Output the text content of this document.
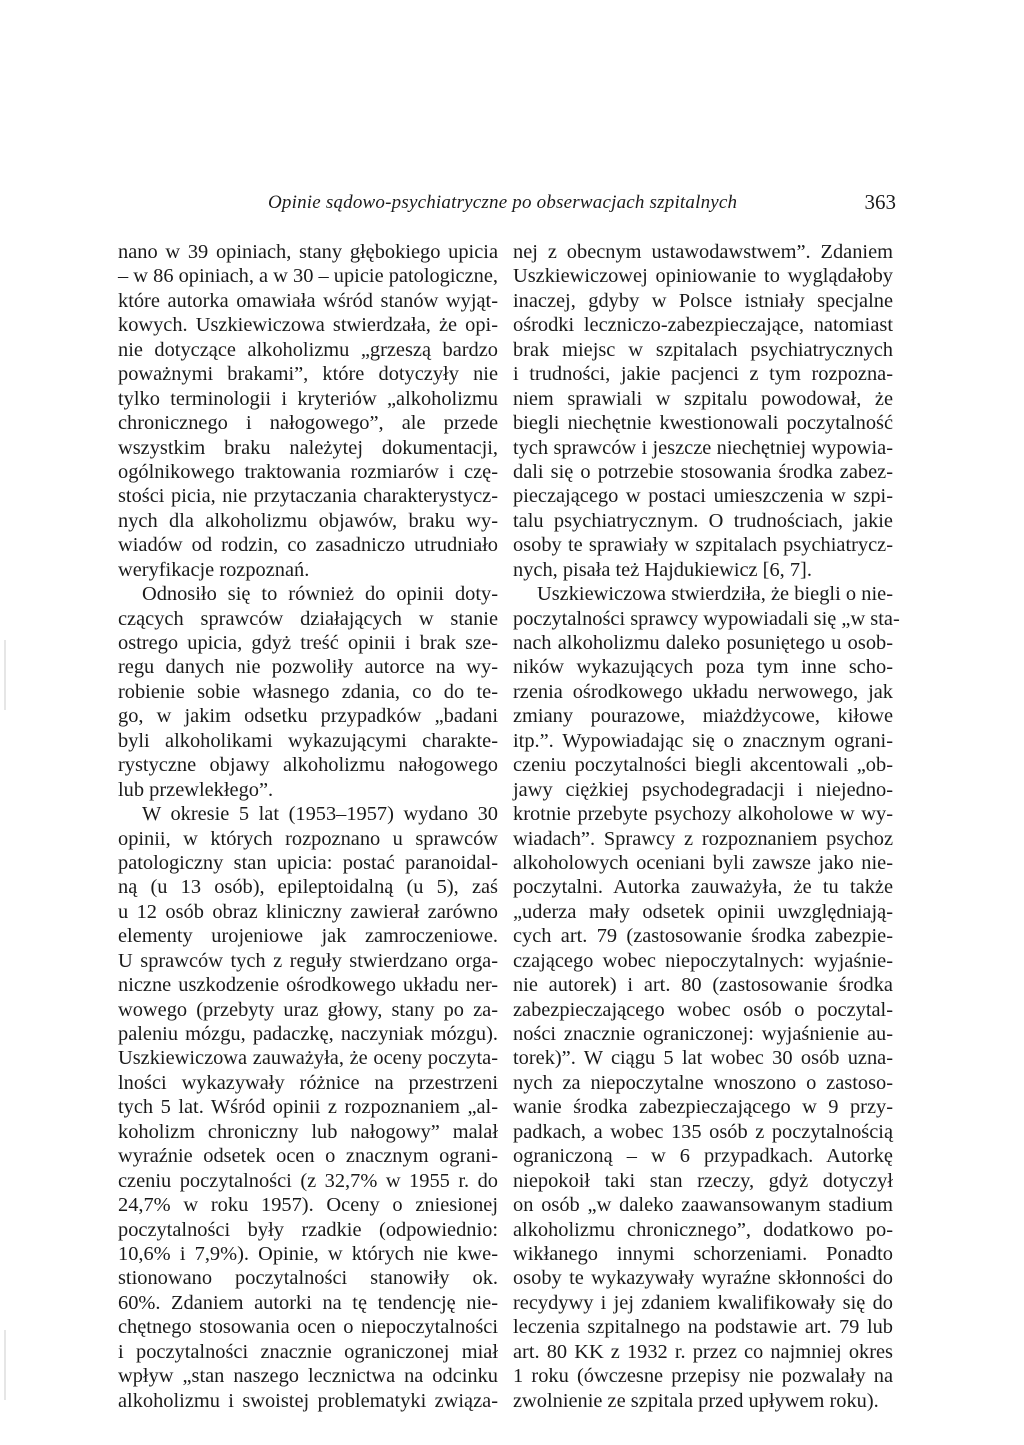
Opinie sądowo-psychiatryczne po obserwacjach szpitalnych	363
nano w 39 opiniach, stany głębokiego upicia
– w 86 opiniach, a w 30 – upicie patologiczne,
które autorka omawiała wśród stanów wyjąt-
kowych. Uszkiewiczowa stwierdzała, że opi-
nie dotyczące alkoholizmu „grzeszą bardzo
poważnymi brakami”, które dotyczyły nie
tylko terminologii i kryteriów „alkoholizmu
chronicznego i nałogowego”, ale przede
wszystkim braku należytej dokumentacji,
ogólnikowego traktowania rozmiarów i czę-
stości picia, nie przytaczania charakterystycz-
nych dla alkoholizmu objawów, braku wy-
wiadów od rodzin, co zasadniczo utrudniało
weryfikacje rozpoznań.
Odnosiło się to również do opinii doty-
czących sprawców działających w stanie
ostrego upicia, gdyż treść opinii i brak sze-
regu danych nie pozwoliły autorce na wy-
robienie sobie własnego zdania, co do te-
go, w jakim odsetku przypadków „badani
byli alkoholikami wykazującymi charakte-
rystyczne objawy alkoholizmu nałogowego
lub przewlekłego”.
W okresie 5 lat (1953–1957) wydano 30
opinii, w których rozpoznano u sprawców
patologiczny stan upicia: postać paranoidal-
ną (u 13 osób), epileptoidalną (u 5), zaś
u 12 osób obraz kliniczny zawierał zarówno
elementy urojeniowe jak zamroczeniowe.
U sprawców tych z reguły stwierdzano orga-
niczne uszkodzenie ośrodkowego układu ner-
wowego (przebyty uraz głowy, stany po za-
paleniu mózgu, padaczkę, naczyniak mózgu).
Uszkiewiczowa zauważyła, że oceny poczyta-
lności wykazywały różnice na przestrzeni
tych 5 lat. Wśród opinii z rozpoznaniem „al-
koholizm chroniczny lub nałogowy” malał
wyraźnie odsetek ocen o znacznym ograni-
czeniu poczytalności (z 32,7% w 1955 r. do
24,7% w roku 1957). Oceny o zniesionej
poczytalności były rzadkie (odpowiednio:
10,6% i 7,9%). Opinie, w których nie kwe-
stionowano poczytalności stanowiły ok.
60%. Zdaniem autorki na tę tendencję nie-
chętnego stosowania ocen o niepoczytalności
i poczytalności znacznie ograniczonej miał
wpływ „stan naszego lecznictwa na odcinku
alkoholizmu i swoistej problematyki związa-
nej z obecnym ustawodawstwem”. Zdaniem
Uszkiewiczowej opiniowanie to wyglądałoby
inaczej, gdyby w Polsce istniały specjalne
ośrodki leczniczo-zabezpieczające, natomiast
brak miejsc w szpitalach psychiatrycznych
i trudności, jakie pacjenci z tym rozpozna-
niem sprawiali w szpitalu powodował, że
biegli niechętnie kwestionowali poczytalność
tych sprawców i jeszcze niechętniej wypowia-
dali się o potrzebie stosowania środka zabez-
pieczającego w postaci umieszczenia w szpi-
talu psychiatrycznym. O trudnościach, jakie
osoby te sprawiały w szpitalach psychiatrycz-
nych, pisała też Hajdukiewicz [6, 7].
Uszkiewiczowa stwierdziła, że biegli o nie-
poczytalności sprawcy wypowiadali się „w sta-
nach alkoholizmu daleko posuniętego u osob-
ników wykazujących poza tym inne scho-
rzenia ośrodkowego układu nerwowego, jak
zmiany pourazowe, miażdżycowe, kiłowe
itp.”. Wypowiadając się o znacznym ograni-
czeniu poczytalności biegli akcentowali „ob-
jawy ciężkiej psychodegradacji i niejedno-
krotnie przebyte psychozy alkoholowe w wy-
wiadach”. Sprawcy z rozpoznaniem psychoz
alkoholowych oceniani byli zawsze jako nie-
poczytalni. Autorka zauważyła, że tu także
„uderza mały odsetek opinii uwzględniają-
cych art. 79 (zastosowanie środka zabezpie-
czającego wobec niepoczytalnych: wyjaśnie-
nie autorek) i art. 80 (zastosowanie środka
zabezpieczającego wobec osób o poczytal-
ności znacznie ograniczonej: wyjaśnienie au-
torek)”. W ciągu 5 lat wobec 30 osób uzna-
nych za niepoczytalne wnoszono o zastoso-
wanie środka zabezpieczającego w 9 przy-
padkach, a wobec 135 osób z poczytalnością
ograniczoną – w 6 przypadkach. Autorkę
niepokoił taki stan rzeczy, gdyż dotyczył
on osób „w daleko zaawansowanym stadium
alkoholizmu chronicznego”, dodatkowo po-
wikłanego innymi schorzeniami. Ponadto
osoby te wykazywały wyraźne skłonności do
recydywy i jej zdaniem kwalifikowały się do
leczenia szpitalnego na podstawie art. 79 lub
art. 80 KK z 1932 r. przez co najmniej okres
1 roku (ówczesne przepisy nie pozwalały na
zwolnienie ze szpitala przed upływem roku).
